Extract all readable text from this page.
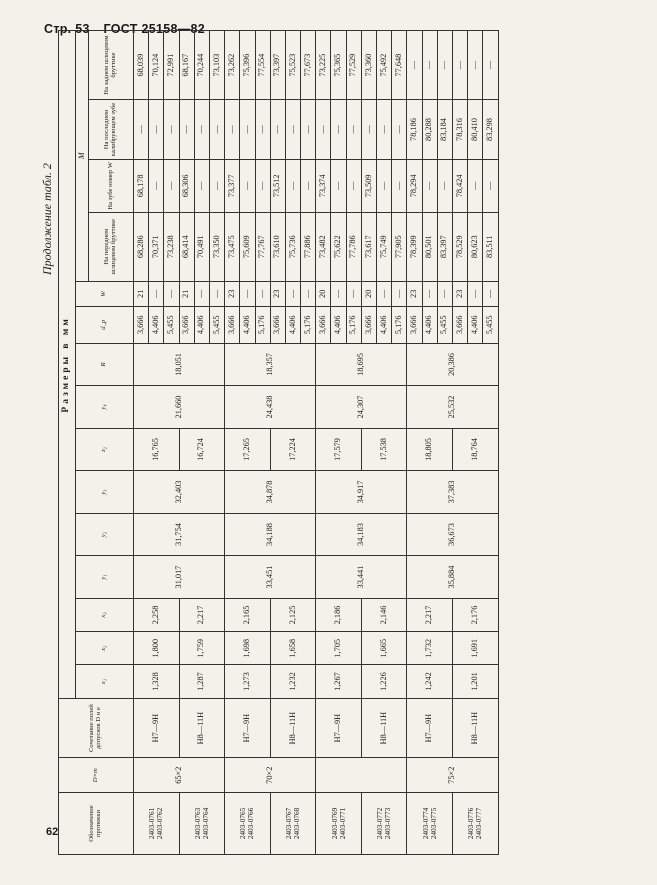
Стр. 53 ГОСТ 25158—82
62
Продолжение табл. 2
Обозначение протяжки	D×m	Сочетание полей допусков D и e	Размеры в мм														
			x₁	x₂	x₃	y₁	y₂	y₃	z₂	y₄	R	d_p	W	M			
														На переднем шлицевом бруттике	На зубе номер W	На последнем калибрующем зубе	На заднем шлицевом бруттике
2403-0761
2403-0762	65×2	H7—9H	1,328	1,800	2,258	31,017	31,754	32,403	16,765	21,660	18,051	3,666	21	68,286	68,178	—	68,039
												4,406	—	70,371	—	—	70,124
												5,455	—	73,238	—	—	72,991
2403-0763
2403-0764		H8—11H	1,287	1,759	2,217				16,724			3,666	21	68,414	68,306	—	68,167
												4,406	—	70,491	—	—	70,244
												5,455	—	73,350	—	—	73,103
2403-0765
2403-0766	70×2	H7—9H	1,273	1,698	2,165	33,451	34,188	34,878	17,265	24,438	18,357	3,666	23	73,475	73,377	—	73,262
												4,406	—	75,609	—	—	75,396
												5,176	—	77,767	—	—	77,554
2403-0767
2403-0768		H8—11H	1,232	1,658	2,125				17,224			3,666	23	73,610	73,512	—	73,397
												4,406	—	75,736	—	—	75,523
												5,176	—	77,886	—	—	77,673
2403-0769
2403-0771		H7—9H	1,267	1,705	2,186	33,441	34,183	34,917	17,579	24,307	18,695	3,666	20	73,482	73,374	—	73,225
												4,406	—	75,622	—	—	75,365
												5,176	—	77,786	—	—	77,529
2403-0772
2403-0773		H8—11H	1,226	1,665	2,146				17,538			3,666	20	73,617	73,509	—	73,360
												4,406	—	75,749	—	—	75,492
												5,176	—	77,905	—	—	77,648
2403-0774
2403-0775	75×2	H7—9H	1,242	1,732	2,217	35,884	36,673	37,383	18,805	25,532	20,386	3,666	23	78,399	78,294	78,186	—
												4,406	—	80,501	—	80,288	—
												5,455	—	83,397	—	83,184	—
2403-0776
2403-0777		H8—11H	1,201	1,691	2,176				18,764			3,666	23	78,529	78,424	78,316	—
												4,406	—	80,623	—	80,410	—
												5,455	—	83,511	—	83,298	—
